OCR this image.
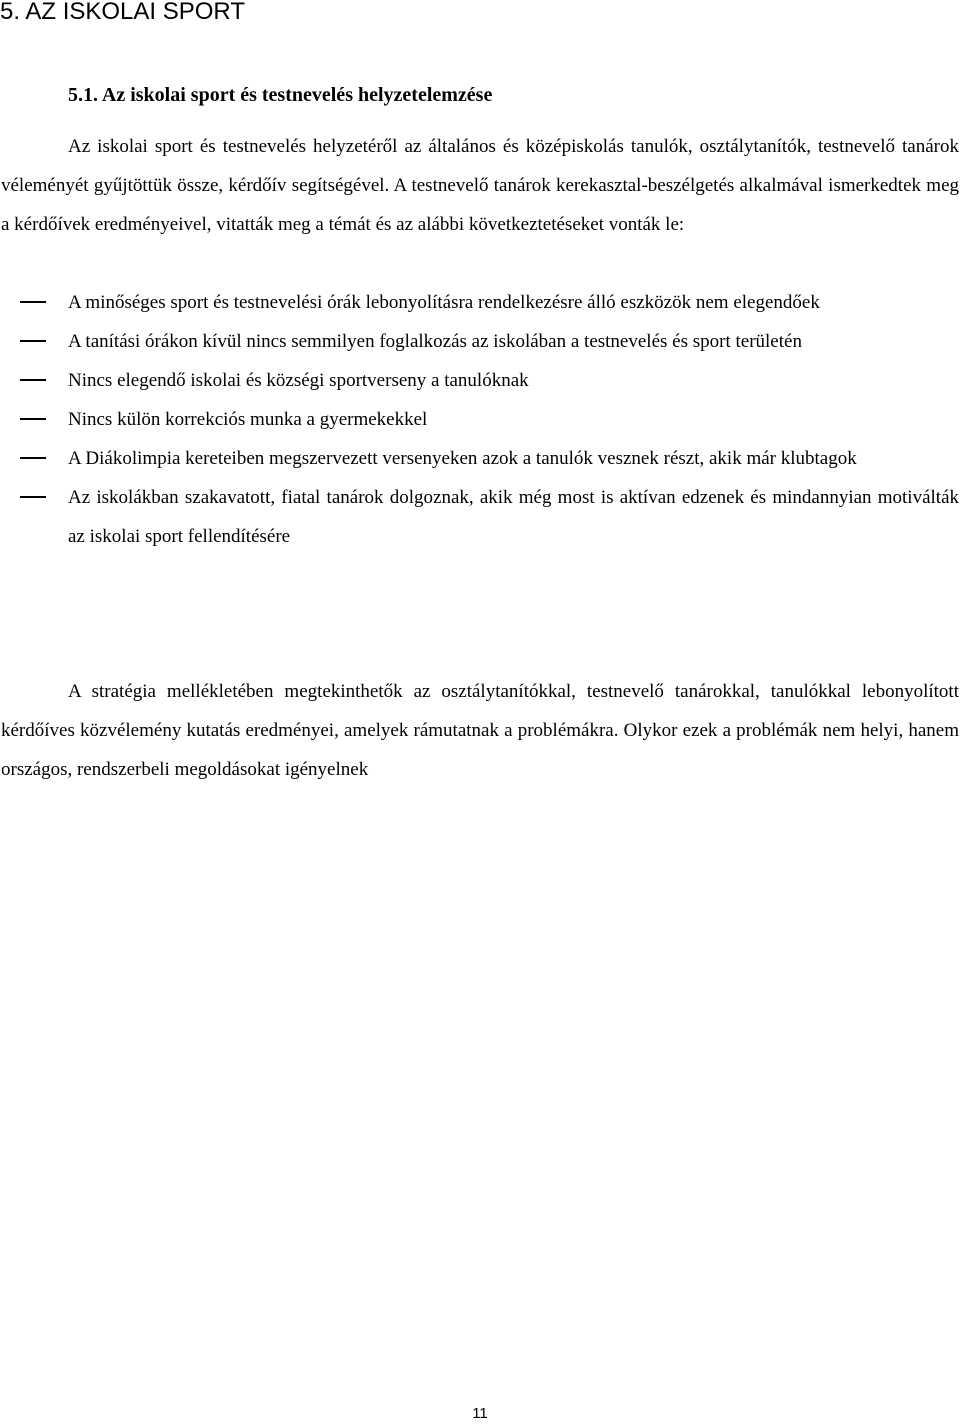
5. AZ ISKOLAI SPORT
5.1. Az iskolai sport és testnevelés helyzetelemzése

Az iskolai sport és testnevelés helyzetéről az általános és középiskolás tanulók, osztálytanítók, testnevelő tanárok véleményét gyűjtöttük össze, kérdőív segítségével. A testnevelő tanárok kerekasztal-beszélgetés alkalmával ismerkedtek meg a kérdőívek eredményeivel, vitatták meg a témát és az alábbi következtetéseket vonták le:

A minőséges sport és testnevelési órák lebonyolításra rendelkezésre álló eszközök nem elegendőek
A tanítási órákon kívül nincs semmilyen foglalkozás az iskolában a testnevelés és sport területén
Nincs elegendő iskolai és községi sportverseny a tanulóknak
Nincs külön korrekciós munka a gyermekekkel
A Diákolimpia kereteiben megszervezett versenyeken azok a tanulók vesznek részt, akik már klubtagok
Az iskolákban szakavatott, fiatal tanárok dolgoznak, akik még most is aktívan edzenek és mindannyian motiválták az iskolai sport fellendítésére

A stratégia mellékletében megtekinthetők az osztálytanítókkal, testnevelő tanárokkal, tanulókkal lebonyolított kérdőíves közvélemény kutatás eredményei, amelyek rámutatnak a problémákra. Olykor ezek a problémák nem helyi, hanem országos, rendszerbeli megoldásokat igényelnek

11
